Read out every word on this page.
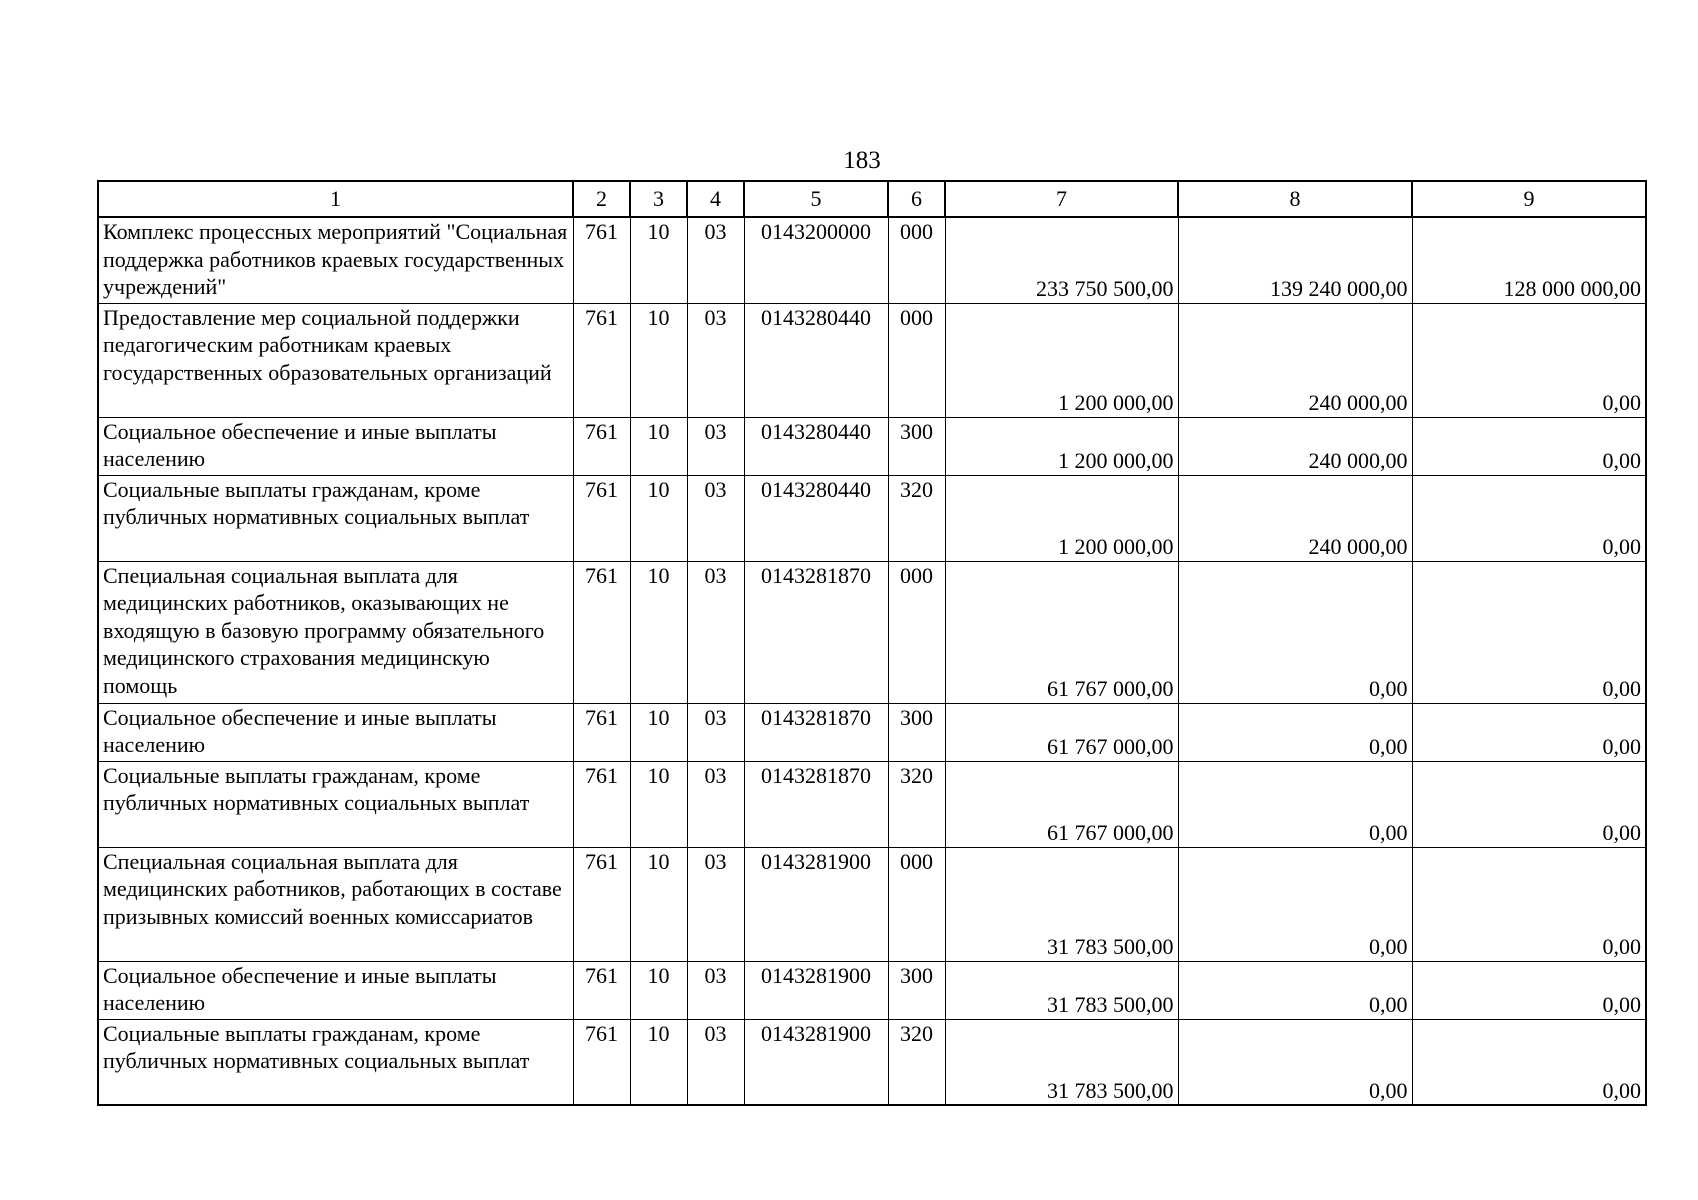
183
1	2	3	4	5	6	7	8	9
Комплекс процессных мероприятий "Социальная поддержка работников краевых государственных учреждений"	761	10	03	0143200000	000	233 750 500,00	139 240 000,00	128 000 000,00
Предоставление мер социальной поддержки педагогическим работникам краевых государственных образовательных организаций	761	10	03	0143280440	000	1 200 000,00	240 000,00	0,00
Социальное обеспечение и иные выплаты населению	761	10	03	0143280440	300	1 200 000,00	240 000,00	0,00
Социальные выплаты гражданам, кроме публичных нормативных социальных выплат	761	10	03	0143280440	320	1 200 000,00	240 000,00	0,00
Специальная социальная выплата для медицинских работников, оказывающих не входящую в базовую программу обязательного медицинского страхования медицинскую помощь	761	10	03	0143281870	000	61 767 000,00	0,00	0,00
Социальное обеспечение и иные выплаты населению	761	10	03	0143281870	300	61 767 000,00	0,00	0,00
Социальные выплаты гражданам, кроме публичных нормативных социальных выплат	761	10	03	0143281870	320	61 767 000,00	0,00	0,00
Специальная социальная выплата для медицинских работников, работающих в составе призывных комиссий военных комиссариатов	761	10	03	0143281900	000	31 783 500,00	0,00	0,00
Социальное обеспечение и иные выплаты населению	761	10	03	0143281900	300	31 783 500,00	0,00	0,00
Социальные выплаты гражданам, кроме публичных нормативных социальных выплат	761	10	03	0143281900	320	31 783 500,00	0,00	0,00
